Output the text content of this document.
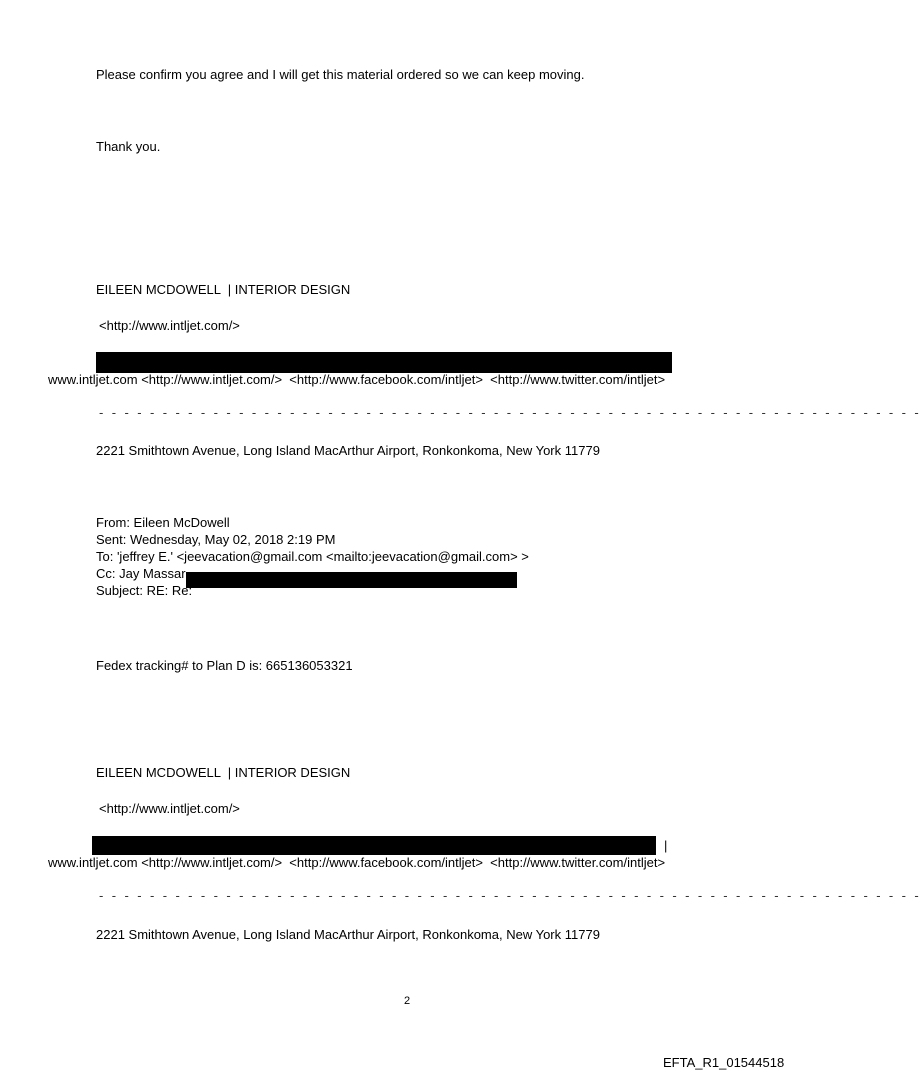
Please confirm you agree and I will get this material ordered so we can keep moving.
Thank you.
EILEEN MCDOWELL  | INTERIOR DESIGN
<http://www.intljet.com/>
www.intljet.com <http://www.intljet.com/>  <http://www.facebook.com/intljet>  <http://www.twitter.com/intljet>
- - - - - - - - - - - - - - - - - - - - - - - - - - - - - - - - - - - - - - - - - - - - - - - - - - - - - - - - - - - - - - - - -
2221 Smithtown Avenue, Long Island MacArthur Airport, Ronkonkoma, New York 11779
From: Eileen McDowell
Sent: Wednesday, May 02, 2018 2:19 PM
To: 'jeffrey E.' <jeevacation@gmail.com <mailto:jeevacation@gmail.com> >
Cc: Jay Massar
Subject: RE: Re:
Fedex tracking# to Plan D is: 665136053321
EILEEN MCDOWELL  | INTERIOR DESIGN
<http://www.intljet.com/>
|
www.intljet.com <http://www.intljet.com/>  <http://www.facebook.com/intljet>  <http://www.twitter.com/intljet>
- - - - - - - - - - - - - - - - - - - - - - - - - - - - - - - - - - - - - - - - - - - - - - - - - - - - - - - - - - - - - - - - -
2221 Smithtown Avenue, Long Island MacArthur Airport, Ronkonkoma, New York 11779
2
EFTA_R1_01544518
